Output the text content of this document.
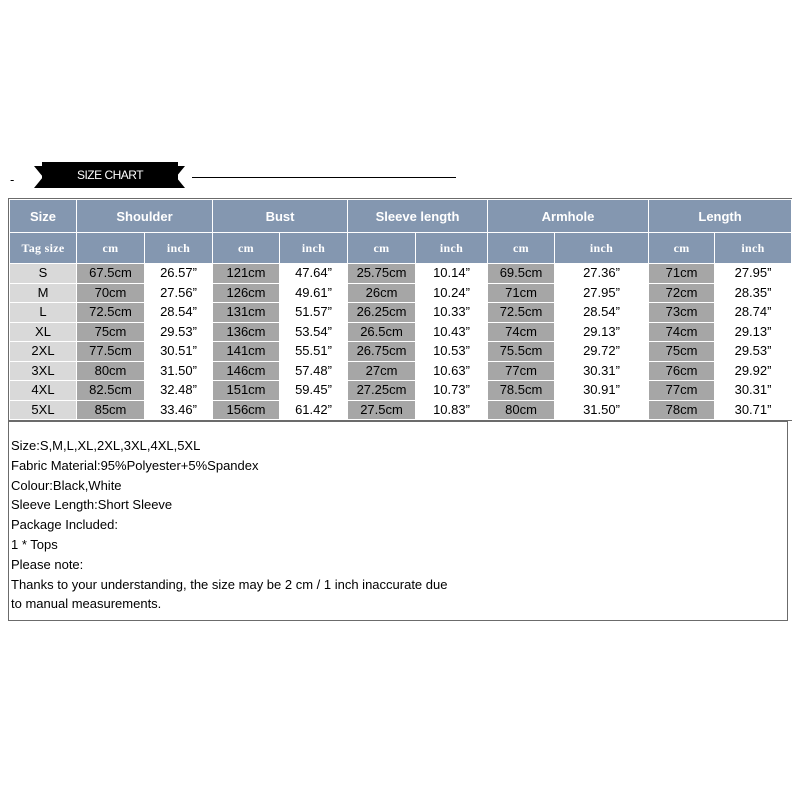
-	SIZE CHART
Size	Shoulder		Bust		Sleeve length		Armhole		Length	
Tag size	cm	inch	cm	inch	cm	inch	cm	inch	cm	inch
S	67.5cm	26.57”	121cm	47.64”	25.75cm	10.14”	69.5cm	27.36”	71cm	27.95”
M	70cm	27.56”	126cm	49.61”	26cm	10.24”	71cm	27.95”	72cm	28.35”
L	72.5cm	28.54”	131cm	51.57”	26.25cm	10.33”	72.5cm	28.54”	73cm	28.74”
XL	75cm	29.53”	136cm	53.54”	26.5cm	10.43”	74cm	29.13”	74cm	29.13”
2XL	77.5cm	30.51”	141cm	55.51”	26.75cm	10.53”	75.5cm	29.72”	75cm	29.53”
3XL	80cm	31.50”	146cm	57.48”	27cm	10.63”	77cm	30.31”	76cm	29.92”
4XL	82.5cm	32.48”	151cm	59.45”	27.25cm	10.73”	78.5cm	30.91”	77cm	30.31”
5XL	85cm	33.46”	156cm	61.42”	27.5cm	10.83”	80cm	31.50”	78cm	30.71”
Size:S,M,L,XL,2XL,3XL,4XL,5XL
Fabric Material:95%Polyester+5%Spandex
Colour:Black,White
Sleeve Length:Short Sleeve
Package Included:
1 * Tops
Please note:
Thanks to your understanding, the size may be 2 cm / 1 inch inaccurate due
to manual measurements.
